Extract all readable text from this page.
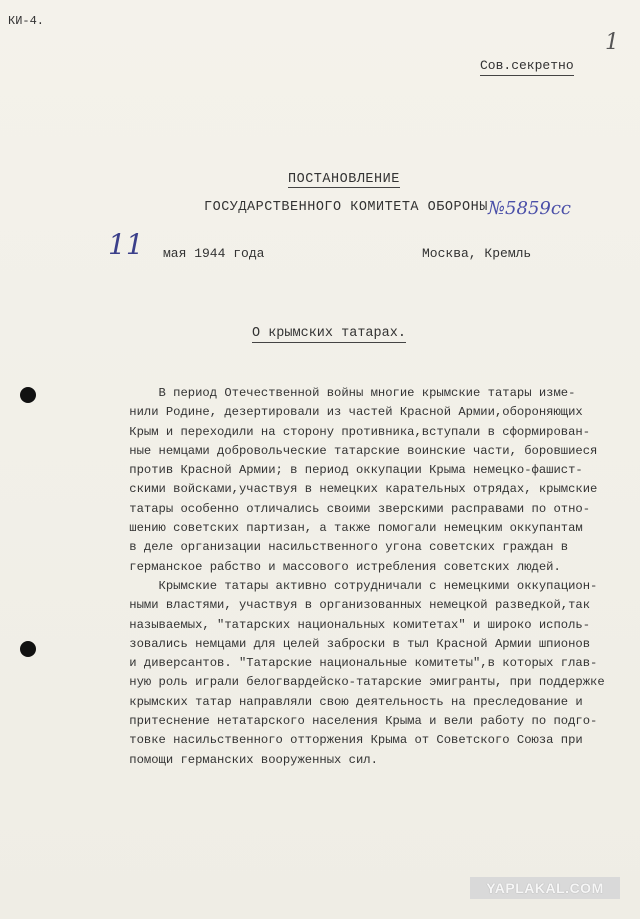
КИ-4.
1
Сов.секретно
ПОСТАНОВЛЕНИЕ
ГОСУДАРСТВЕННОГО КОМИТЕТА ОБОРОНЫ №5859сс
11 мая 1944 года	Москва, Кремль
О крымских татарах.
В период Отечественной войны многие крымские татары изме-
нили Родине, дезертировали из частей Красной Армии,обороняющих
Крым и переходили на сторону противника,вступали в сформирован-
ные немцами добровольческие татарские воинские части, боровшиеся
против Красной Армии; в период оккупации Крыма немецко-фашист-
скими войсками,участвуя в немецких карательных отрядах, крымские
татары особенно отличались своими зверскими расправами по отно-
шению советских партизан, а также помогали немецким оккупантам
в деле организации насильственного угона советских граждан в
германское рабство и массового истребления советских людей.
Крымские татары активно сотрудничали с немецкими оккупацион-
ными властями, участвуя в организованных немецкой разведкой,так
называемых, "татарских национальных комитетах" и широко исполь-
зовались немцами для целей заброски в тыл Красной Армии шпионов
и диверсантов. "Татарские национальные комитеты",в которых глав-
ную роль играли белогвардейско-татарские эмигранты, при поддержке
крымских татар направляли свою деятельность на преследование и
притеснение нетатарского населения Крыма и вели работу по подго-
товке насильственного отторжения Крыма от Советского Союза при
помощи германских вооруженных сил.
YAPLAKAL.COM
